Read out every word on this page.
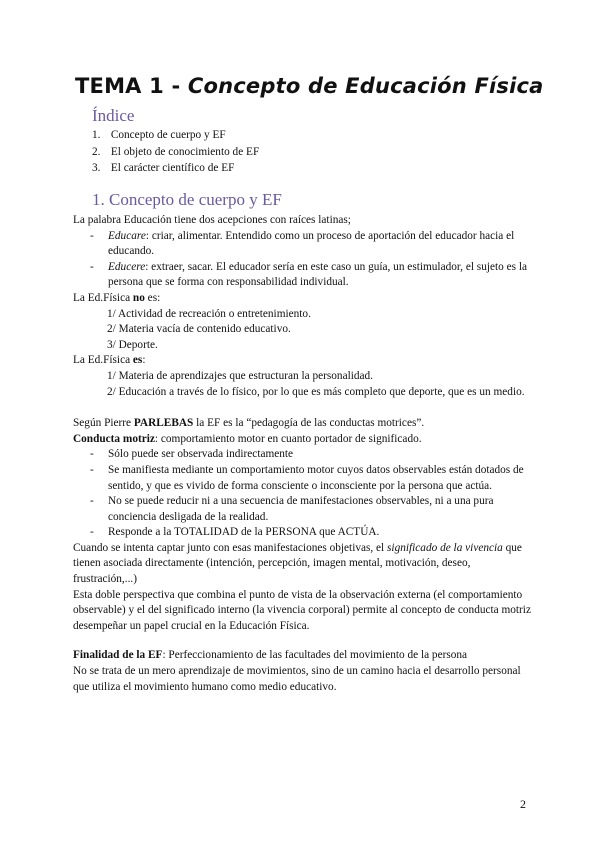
TEMA 1 - Concepto de Educación Física
Índice
1. Concepto de cuerpo y EF
2. El objeto de conocimiento de EF
3. El carácter científico de EF
1. Concepto de cuerpo y EF

La palabra Educación tiene dos acepciones con raíces latinas;

- Educare: criar, alimentar. Entendido como un proceso de aportación del educador hacia el educando.

- Educere: extraer, sacar. El educador sería en este caso un guía, un estimulador, el sujeto es la persona que se forma con responsabilidad individual.

La Ed.Física no es:

1/ Actividad de recreación o entretenimiento.

2/ Materia vacía de contenido educativo.

3/ Deporte.

La Ed.Física es:

1/ Materia de aprendizajes que estructuran la personalidad.

2/ Educación a través de lo físico, por lo que es más completo que deporte, que es un medio.

Según Pierre PARLEBAS la EF es la “pedagogía de las conductas motrices”.

Conducta motriz: comportamiento motor en cuanto portador de significado.

- Sólo puede ser observada indirectamente

- Se manifiesta mediante un comportamiento motor cuyos datos observables están dotados de sentido, y que es vivido de forma consciente o inconsciente por la persona que actúa.

- No se puede reducir ni a una secuencia de manifestaciones observables, ni a una pura conciencia desligada de la realidad.

- Responde a la TOTALIDAD de la PERSONA que ACTÚA.

Cuando se intenta captar junto con esas manifestaciones objetivas, el significado de la vivencia que tienen asociada directamente (intención, percepción, imagen mental, motivación, deseo, frustración,...)

Esta doble perspectiva que combina el punto de vista de la observación externa (el comportamiento observable) y el del significado interno (la vivencia corporal) permite al concepto de conducta motriz desempeñar un papel crucial en la Educación Física.

Finalidad de la EF: Perfeccionamiento de las facultades del movimiento de la persona

No se trata de un mero aprendizaje de movimientos, sino de un camino hacia el desarrollo personal que utiliza el movimiento humano como medio educativo.

2
